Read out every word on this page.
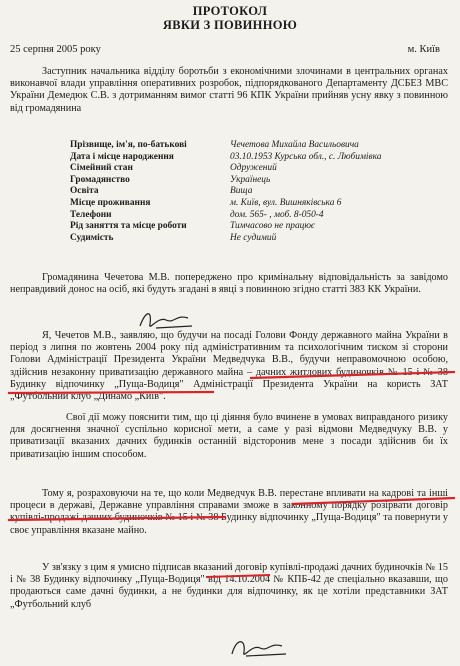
ПРОТОКОЛ
ЯВКИ З ПОВИННОЮ
25 серпня 2005 року	м. Київ
Заступник начальника відділу боротьби з економічними злочинами в центральних органах виконавчої влади управління оперативних розробок, підпорядкованого Департаменту ДСБЕЗ МВС України Демедюк С.В. з дотриманням вимог статті 96 КПК України прийняв усну явку з повинною від громадянина
Прізвище, ім'я, по-батькові	Чечетова Михайла Васильовича
Дата і місце народження	03.10.1953 Курська обл., с. Любимівка
Сімейний стан	Одружений
Громадянство	Українець
Освіта	Вища
Місце проживання	м. Київ, вул. Вишняківська 6
Телефони	дом. 565- , моб. 8-050-4
Рід заняття та місце роботи	Тимчасово не працює
Судимість	Не судимий
Громадянина Чечетова М.В. попереджено про кримінальну відповідальність за завідомо неправдивий донос на осіб, які будуть згадані в явці з повинною згідно статті 383 КК України.
Я, Чечетов М.В., заявляю, що будучи на посаді Голови Фонду державного майна України в період з липня по жовтень 2004 року під адміністративним та психологічним тиском зі сторони Голови Адміністрації Президента України Медведчука В.В., будучи неправомочною особою, здійснив незаконну приватизацію державного майна – дачних житлових будиночків № 15 і № 38 Будинку відпочинку „Пуща-Водиця" Адміністрації Президента України на користь ЗАТ „Футбольний клуб „Динамо „Київ".
Свої дії можу пояснити тим, що ці діяння було вчинене в умовах виправданого ризику для досягнення значної суспільно корисної мети, а саме у разі відмови Медведчуку В.В. у приватизації вказаних дачних будинків останній відсторонив мене з посади здійснив би їх приватизацію іншим способом.
Тому я, розраховуючи на те, що коли Медведчук В.В. перестане впливати на кадрові та інші процеси в державі, Державне управління справами зможе в законному порядку розірвати договір купівлі-продажі дачних будиночків № 15 і № 38 Будинку відпочинку „Пуща-Водиця" та повернути у своє управління вказане майно.
У зв'язку з цим я умисно підписав вказаний договір купівлі-продажі дачних будиночків № 15 і № 38 Будинку відпочинку „Пуща-Водиця" від 14.10.2004 № КПБ-42 де спеціально вказавши, що продаються саме дачні будинки, а не будинки для відпочинку, як це хотіли представники ЗАТ „Футбольний клуб
